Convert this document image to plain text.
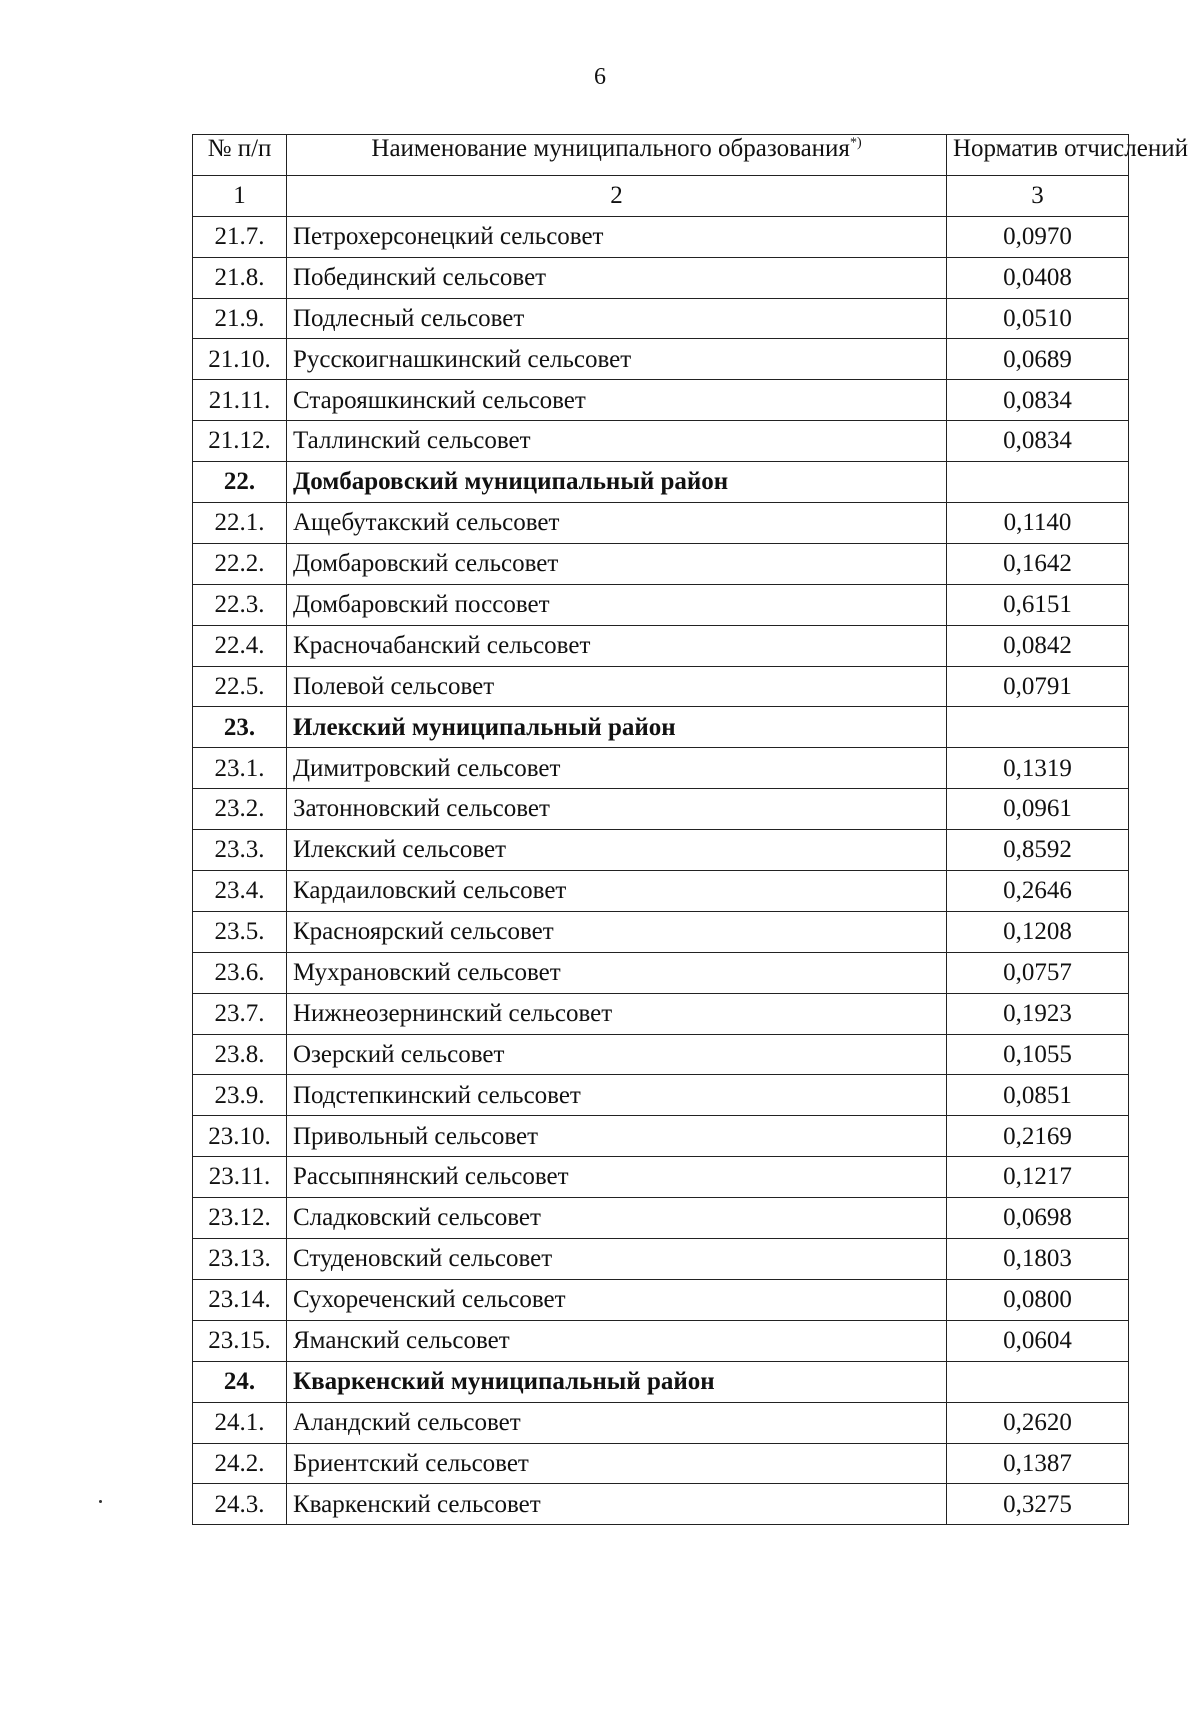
6
№ п/п	Наименование муниципального образования*)	Норматив отчислений
1	2	3
21.7.	Петрохерсонецкий сельсовет	0,0970
21.8.	Побединский сельсовет	0,0408
21.9.	Подлесный сельсовет	0,0510
21.10.	Русскоигнашкинский сельсовет	0,0689
21.11.	Старояшкинский сельсовет	0,0834
21.12.	Таллинский сельсовет	0,0834
22.	Домбаровский муниципальный район	
22.1.	Ащебутакский сельсовет	0,1140
22.2.	Домбаровский сельсовет	0,1642
22.3.	Домбаровский поссовет	0,6151
22.4.	Красночабанский сельсовет	0,0842
22.5.	Полевой сельсовет	0,0791
23.	Илекский муниципальный район	
23.1.	Димитровский сельсовет	0,1319
23.2.	Затонновский сельсовет	0,0961
23.3.	Илекский сельсовет	0,8592
23.4.	Кардаиловский сельсовет	0,2646
23.5.	Красноярский сельсовет	0,1208
23.6.	Мухрановский сельсовет	0,0757
23.7.	Нижнеозернинский сельсовет	0,1923
23.8.	Озерский сельсовет	0,1055
23.9.	Подстепкинский сельсовет	0,0851
23.10.	Привольный сельсовет	0,2169
23.11.	Рассыпнянский сельсовет	0,1217
23.12.	Сладковский сельсовет	0,0698
23.13.	Студеновский сельсовет	0,1803
23.14.	Сухореченский сельсовет	0,0800
23.15.	Яманский сельсовет	0,0604
24.	Кваркенский муниципальный район	
24.1.	Аландский сельсовет	0,2620
24.2.	Бриентский сельсовет	0,1387
24.3.	Кваркенский сельсовет	0,3275
